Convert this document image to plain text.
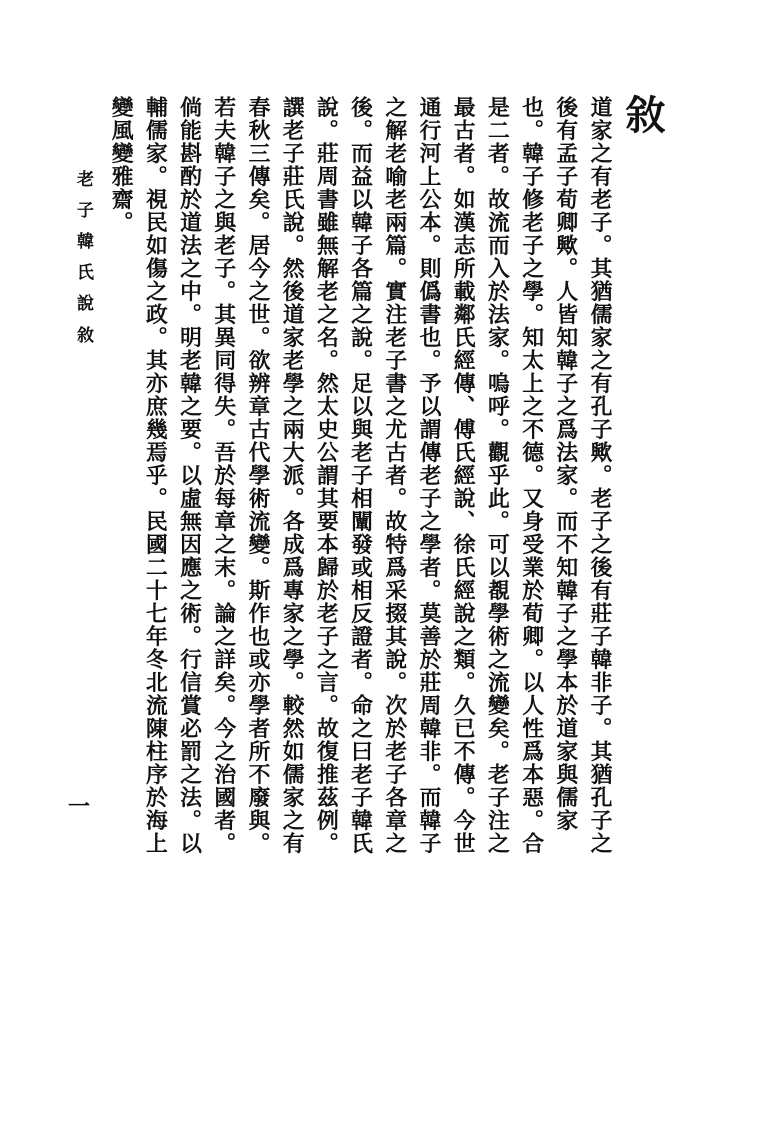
敘
道家之有老子。其猶儒家之有孔子歟。老子之後有莊子韓非子。其猶孔子之後有孟子荀卿歟。人皆知韓子之爲法家。而不知韓子之學本於道家與儒家也。韓子修老子之學。知太上之不德。又身受業於荀卿。以人性爲本惡。合是二者。故流而入於法家。嗚呼。觀乎此。可以覩學術之流變矣。老子注之最古者。如漢志所載鄰氏經傳、傅氏經說、徐氏經說之類。久已不傳。今世通行河上公本。則僞書也。予以謂傳老子之學者。莫善於莊周韓非。而韓子之解老喻老兩篇。實注老子書之尤古者。故特爲采掇其說。次於老子各章之後。而益以韓子各篇之說。足以與老子相闡發或相反證者。命之曰老子韓氏說。莊周書雖無解老之名。然太史公謂其要本歸於老子之言。故復推茲例。譔老子莊氏說。然後道家老學之兩大派。各成爲專家之學。較然如儒家之有春秋三傳矣。居今之世。欲辨章古代學術流變。斯作也或亦學者所不廢與。若夫韓子之與老子。其異同得失。吾於每章之末。論之詳矣。今之治國者。倘能斟酌於道法之中。明老韓之要。以虛無因應之術。行信賞必罰之法。以輔儒家。視民如傷之政。其亦庶幾焉乎。民國二十七年冬北流陳柱序於海上變風變雅齋。
老子韓氏說
敘
一
